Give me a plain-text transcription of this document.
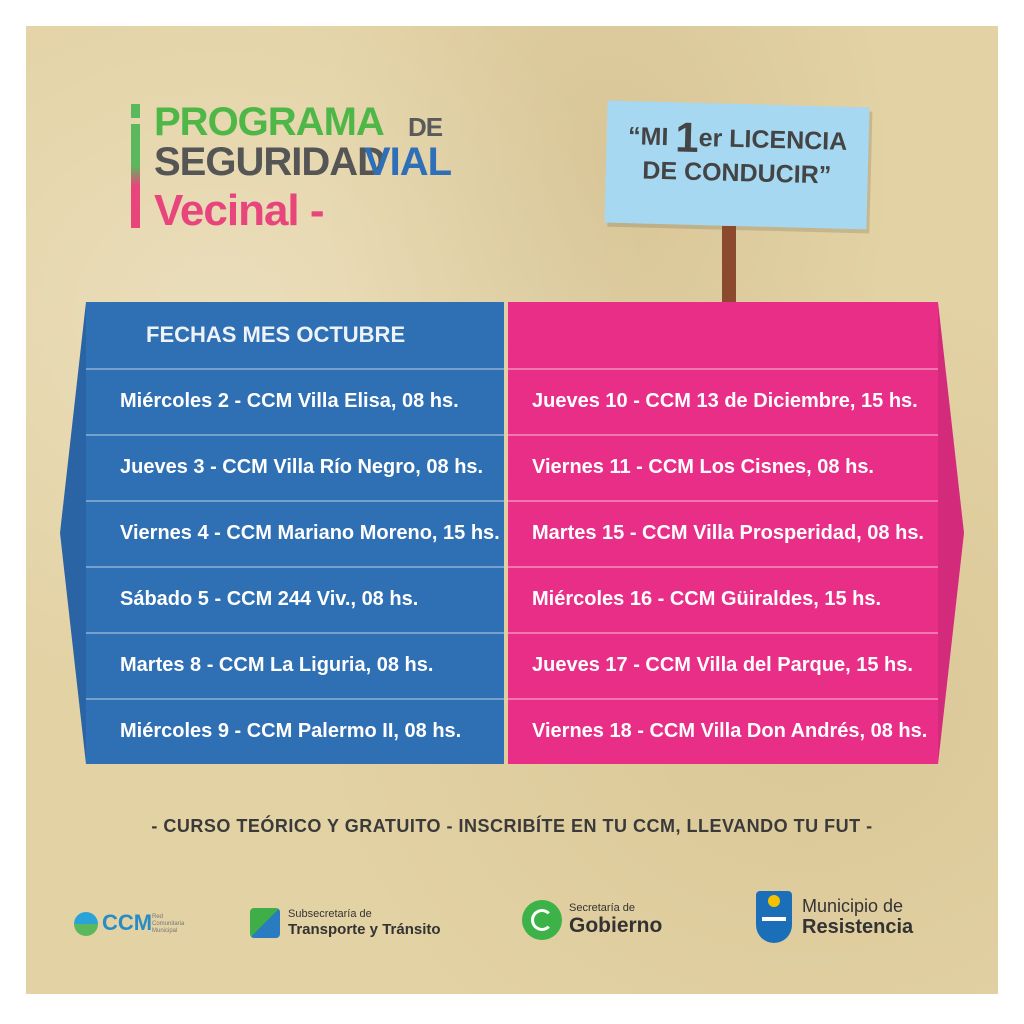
PROGRAMA DE
SEGURIDAD
VIAL
Vecinal -
“MI 1er LICENCIA
DE CONDUCIR”
FECHAS MES OCTUBRE
Miércoles 2 - CCM Villa Elisa, 08 hs.
Jueves 3 - CCM Villa Río Negro, 08 hs.
Viernes 4 - CCM Mariano Moreno, 15 hs.
Sábado 5 - CCM 244 Viv., 08 hs.
Martes 8 - CCM La Liguria, 08 hs.
Miércoles 9 - CCM Palermo II, 08 hs.
Jueves 10 - CCM 13 de Diciembre, 15 hs.
Viernes 11 - CCM Los Cisnes, 08 hs.
Martes 15 - CCM Villa Prosperidad, 08 hs.
Miércoles 16 - CCM Güiraldes, 15 hs.
Jueves 17 - CCM Villa del Parque, 15 hs.
Viernes 18 - CCM Villa Don Andrés, 08 hs.
- CURSO TEÓRICO Y GRATUITO - INSCRIBÍTE EN TU CCM, LLEVANDO TU FUT -
CCM Red Comunitaria Municipal
Subsecretaría de
Transporte y Tránsito
Secretaría de
Gobierno
Municipio de
Resistencia
